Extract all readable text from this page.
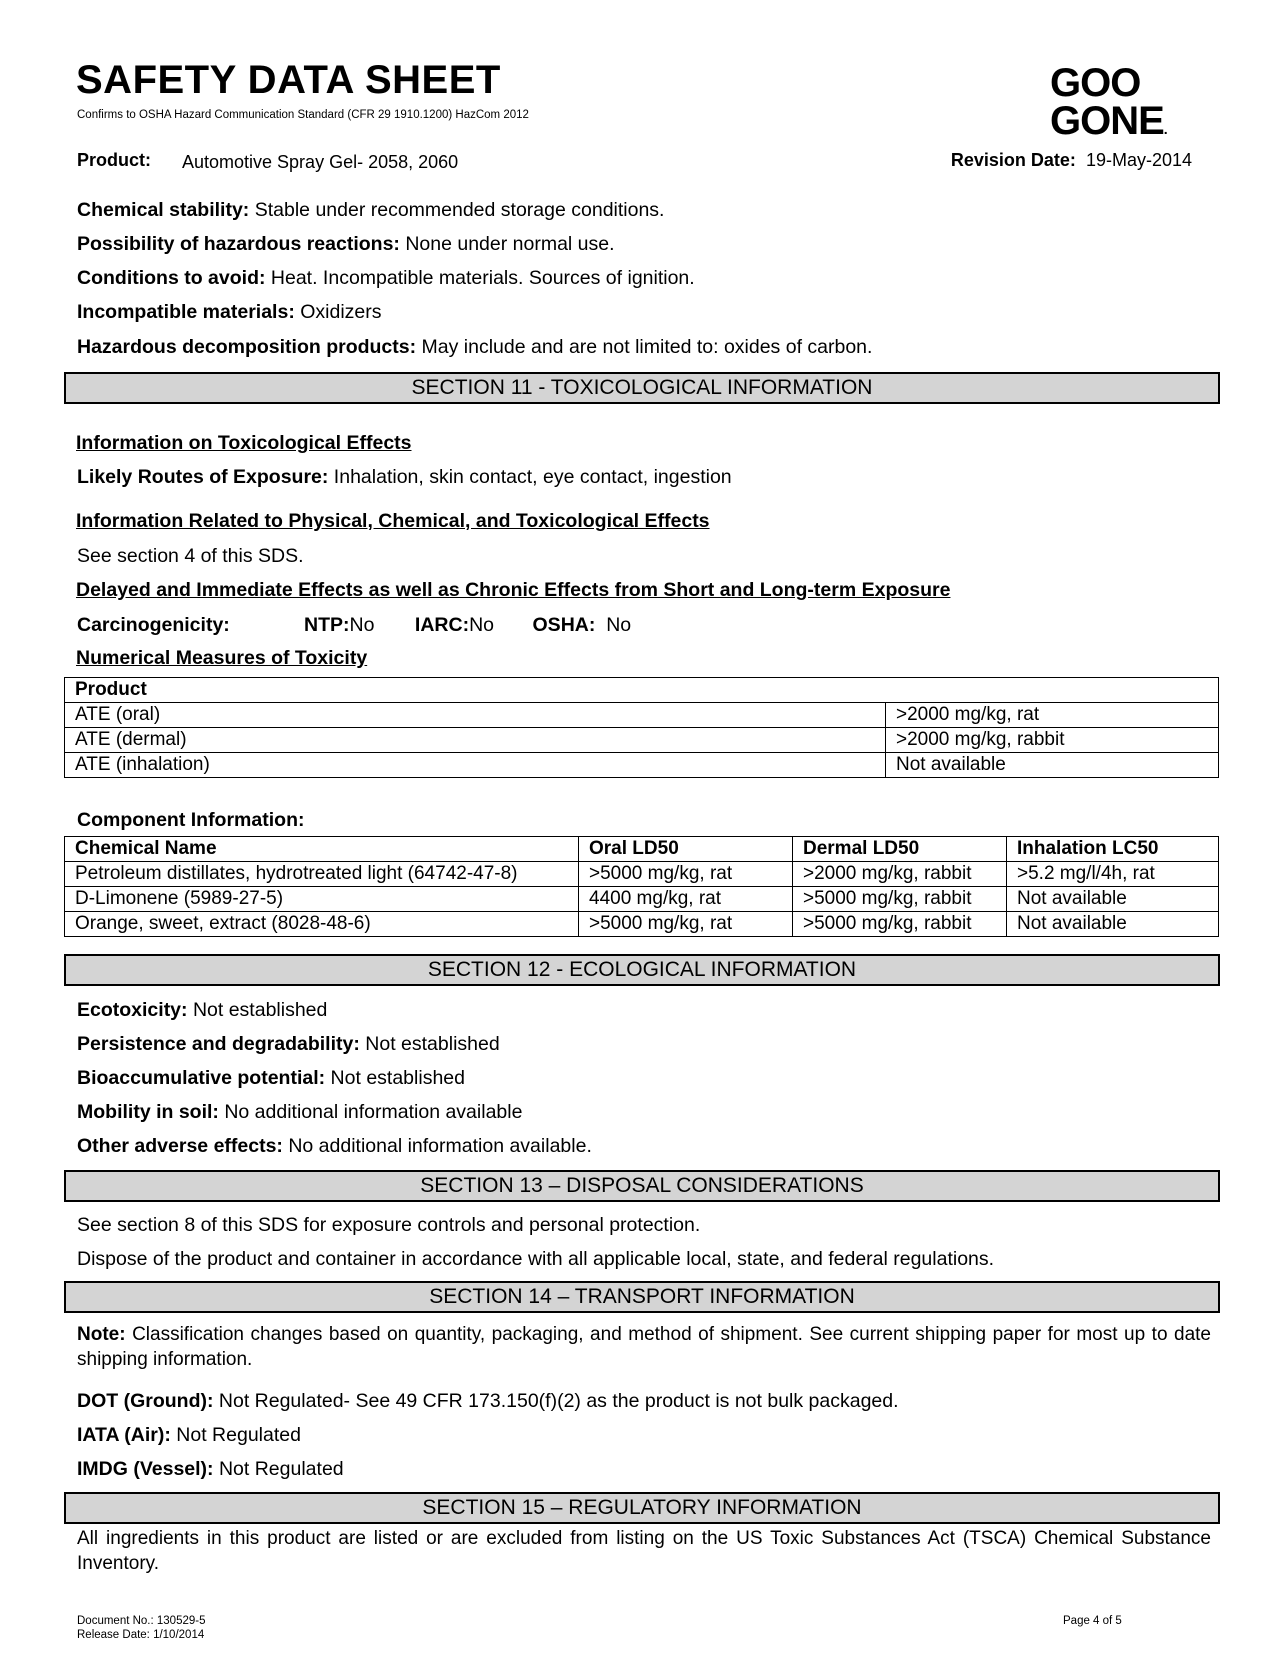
SAFETY DATA SHEET
Confirms to OSHA Hazard Communication Standard (CFR 29 1910.1200) HazCom 2012
GOO
GONE.
Product: Automotive Spray Gel- 2058, 2060	Revision Date: 19-May-2014
Chemical stability: Stable under recommended storage conditions.
Possibility of hazardous reactions: None under normal use.
Conditions to avoid: Heat. Incompatible materials. Sources of ignition.
Incompatible materials: Oxidizers
Hazardous decomposition products: May include and are not limited to: oxides of carbon.
SECTION 11 - TOXICOLOGICAL INFORMATION
Information on Toxicological Effects
Likely Routes of Exposure: Inhalation, skin contact, eye contact, ingestion
Information Related to Physical, Chemical, and Toxicological Effects
See section 4 of this SDS.
Delayed and Immediate Effects as well as Chronic Effects from Short and Long-term Exposure
Carcinogenicity:	NTP:No IARC:No OSHA:  No
Numerical Measures of Toxicity
Product	
ATE (oral)	>2000 mg/kg, rat
ATE (dermal)	>2000 mg/kg, rabbit
ATE (inhalation)	Not available
Component Information:
Chemical Name	Oral LD50	Dermal LD50	Inhalation LC50
Petroleum distillates, hydrotreated light (64742-47-8)	>5000 mg/kg, rat	>2000 mg/kg, rabbit	>5.2 mg/l/4h, rat
D-Limonene (5989-27-5)	4400 mg/kg, rat	>5000 mg/kg, rabbit	Not available
Orange, sweet, extract (8028-48-6)	>5000 mg/kg, rat	>5000 mg/kg, rabbit	Not available
SECTION 12 - ECOLOGICAL INFORMATION
Ecotoxicity: Not established
Persistence and degradability: Not established
Bioaccumulative potential: Not established
Mobility in soil: No additional information available
Other adverse effects: No additional information available.
SECTION 13 – DISPOSAL CONSIDERATIONS
See section 8 of this SDS for exposure controls and personal protection.
Dispose of the product and container in accordance with all applicable local, state, and federal regulations.
SECTION 14 – TRANSPORT INFORMATION
Note: Classification changes based on quantity, packaging, and method of shipment. See current shipping paper for most up to date shipping information.
DOT (Ground): Not Regulated- See 49 CFR 173.150(f)(2) as the product is not bulk packaged.
IATA (Air): Not Regulated
IMDG (Vessel): Not Regulated
SECTION 15 – REGULATORY INFORMATION
All ingredients in this product are listed or are excluded from listing on the US Toxic Substances Act (TSCA) Chemical Substance Inventory.
Document No.: 130529-5
Release Date: 1/10/2014
Page 4 of 5
